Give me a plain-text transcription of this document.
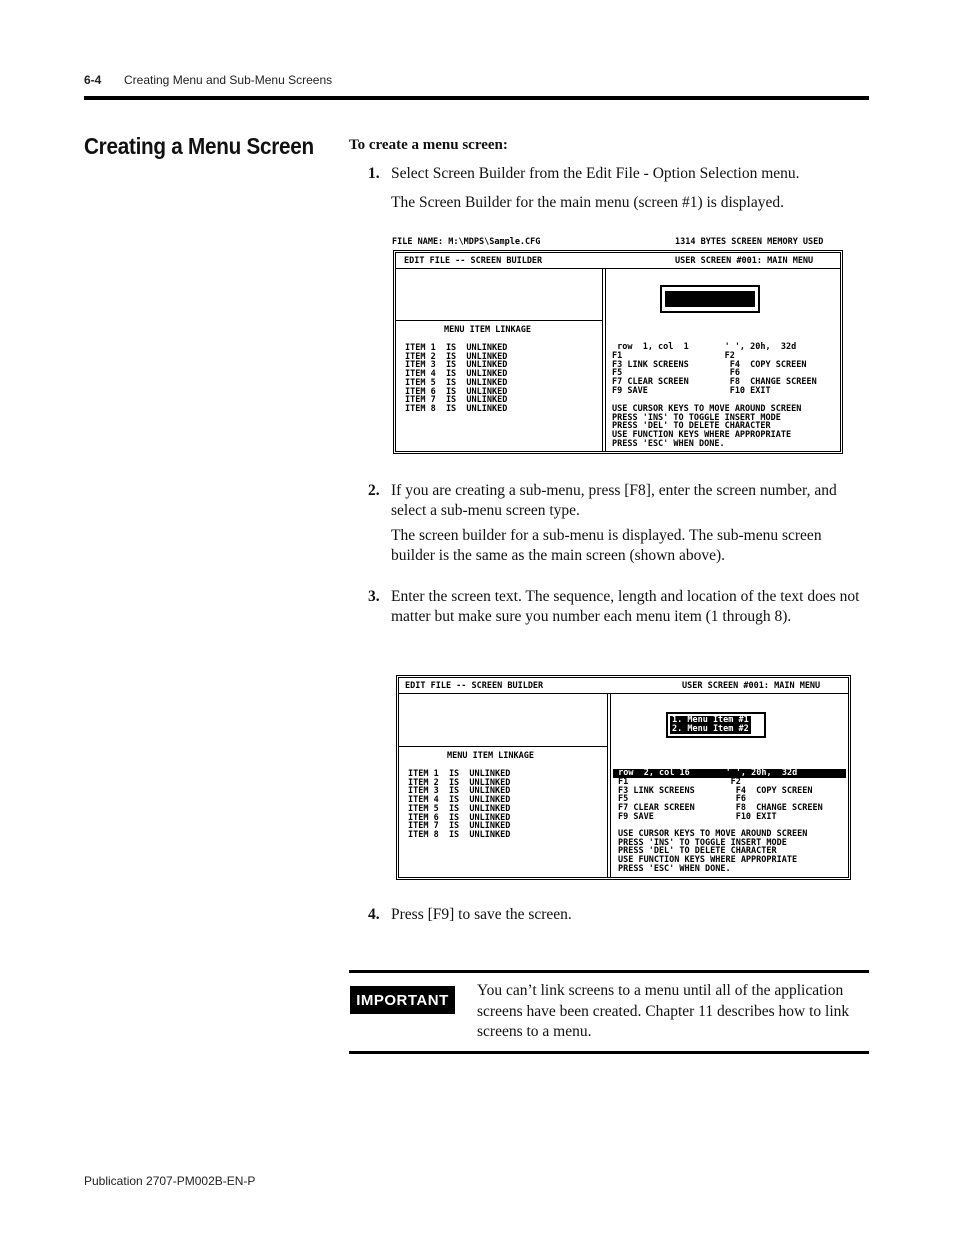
6-4 Creating Menu and Sub-Menu Screens
Creating a Menu Screen To create a menu screen:
1. Select Screen Builder from the Edit File - Option Selection menu.
The Screen Builder for the main menu (screen #1) is displayed.
FILE NAME: M:\MDPS\Sample.CFG	1314 BYTES SCREEN MEMORY USED
EDIT FILE -- SCREEN BUILDER	USER SCREEN #001: MAIN MENU
MENU ITEM LINKAGE
ITEM 1  IS  UNLINKED
ITEM 2  IS  UNLINKED
ITEM 3  IS  UNLINKED
ITEM 4  IS  UNLINKED
ITEM 5  IS  UNLINKED
ITEM 6  IS  UNLINKED
ITEM 7  IS  UNLINKED
ITEM 8  IS  UNLINKED
row  1, col  1       ' ', 20h,  32d
F1                    F2
F3 LINK SCREENS        F4  COPY SCREEN
F5                     F6
F7 CLEAR SCREEN        F8  CHANGE SCREEN
F9 SAVE                F10 EXIT
USE CURSOR KEYS TO MOVE AROUND SCREEN
PRESS 'INS' TO TOGGLE INSERT MODE
PRESS 'DEL' TO DELETE CHARACTER
USE FUNCTION KEYS WHERE APPROPRIATE
PRESS 'ESC' WHEN DONE.
2. If you are creating a sub-menu, press [F8], enter the screen number, and select a sub-menu screen type.
The screen builder for a sub-menu is displayed. The sub-menu screen builder is the same as the main screen (shown above).
3. Enter the screen text. The sequence, length and location of the text does not matter but make sure you number each menu item (1 through 8).
EDIT FILE -- SCREEN BUILDER	USER SCREEN #001: MAIN MENU
MENU ITEM LINKAGE
ITEM 1  IS  UNLINKED
ITEM 2  IS  UNLINKED
ITEM 3  IS  UNLINKED
ITEM 4  IS  UNLINKED
ITEM 5  IS  UNLINKED
ITEM 6  IS  UNLINKED
ITEM 7  IS  UNLINKED
ITEM 8  IS  UNLINKED
1. Menu Item #1
2. Menu Item #2
row  2, col 16       ' ', 20h,  32d
F1                    F2
F3 LINK SCREENS        F4  COPY SCREEN
F5                     F6
F7 CLEAR SCREEN        F8  CHANGE SCREEN
F9 SAVE                F10 EXIT
USE CURSOR KEYS TO MOVE AROUND SCREEN
PRESS 'INS' TO TOGGLE INSERT MODE
PRESS 'DEL' TO DELETE CHARACTER
USE FUNCTION KEYS WHERE APPROPRIATE
PRESS 'ESC' WHEN DONE.
4. Press [F9] to save the screen.
IMPORTANT
You can’t link screens to a menu until all of the application screens have been created. Chapter 11 describes how to link screens to a menu.
Publication 2707-PM002B-EN-P
